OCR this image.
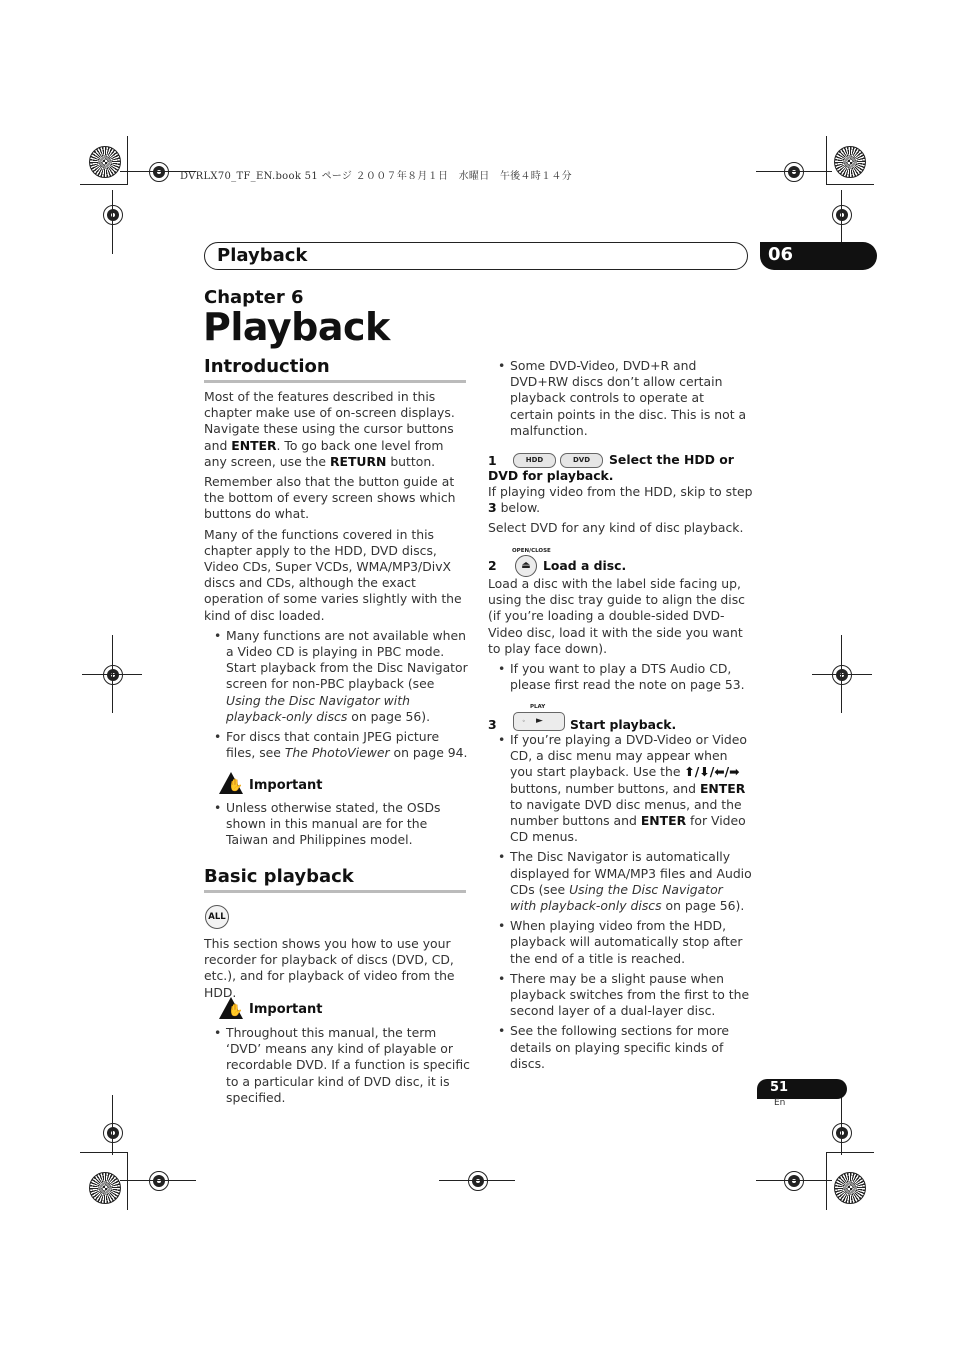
DVRLX70_TF_EN.book 51 ページ ２００７年８月１日　水曜日　午後４時１４分
Playback	06
Chapter 6
Playback
Introduction

Most of the features described in this chapter make use of on-screen displays. Navigate these using the cursor buttons and ENTER. To go back one level from any screen, use the RETURN button.

Remember also that the button guide at the bottom of every screen shows which buttons do what.

Many of the functions covered in this chapter apply to the HDD, DVD discs, Video CDs, Super VCDs, WMA/MP3/DivX discs and CDs, although the exact operation of some varies slightly with the kind of disc loaded.

• Many functions are not available when a Video CD is playing in PBC mode. Start playback from the Disc Navigator screen for non-PBC playback (see Using the Disc Navigator with playback-only discs on page 56).
• For discs that contain JPEG picture files, see The PhotoViewer on page 94.
✋ Important
• Unless otherwise stated, the OSDs shown in this manual are for the Taiwan and Philippines model.
Basic playback
ALL

This section shows you how to use your recorder for playback of discs (DVD, CD, etc.), and for playback of video from the HDD.

✋ Important
• Throughout this manual, the term ‘DVD’ means any kind of playable or recordable DVD. If a function is specific to a particular kind of DVD disc, it is specified.
• Some DVD-Video, DVD+R and DVD+RW discs don’t allow certain playback controls to operate at certain points in the disc. This is not a malfunction.
1	HDD	DVD	Select the HDD or
DVD for playback.

If playing video from the HDD, skip to step 3 below.

Select DVD for any kind of disc playback.

OPEN/CLOSE
2	⏏ Load a disc.

Load a disc with the label side facing up, using the disc tray guide to align the disc (if you’re loading a double-sided DVD-Video disc, load it with the side you want to play face down).

• If you want to play a DTS Audio CD, please first read the note on page 53.
PLAY
3	◦ ► Start playback.
• If you’re playing a DVD-Video or Video CD, a disc menu may appear when you start playback. Use the ⬆/⬇/⬅/➡ buttons, number buttons, and ENTER to navigate DVD disc menus, and the number buttons and ENTER for Video CD menus.
• The Disc Navigator is automatically displayed for WMA/MP3 files and Audio CDs (see Using the Disc Navigator with playback-only discs on page 56).
• When playing video from the HDD, playback will automatically stop after the end of a title is reached.
• There may be a slight pause when playback switches from the first to the second layer of a dual-layer disc.
• See the following sections for more details on playing specific kinds of discs.
51
En
